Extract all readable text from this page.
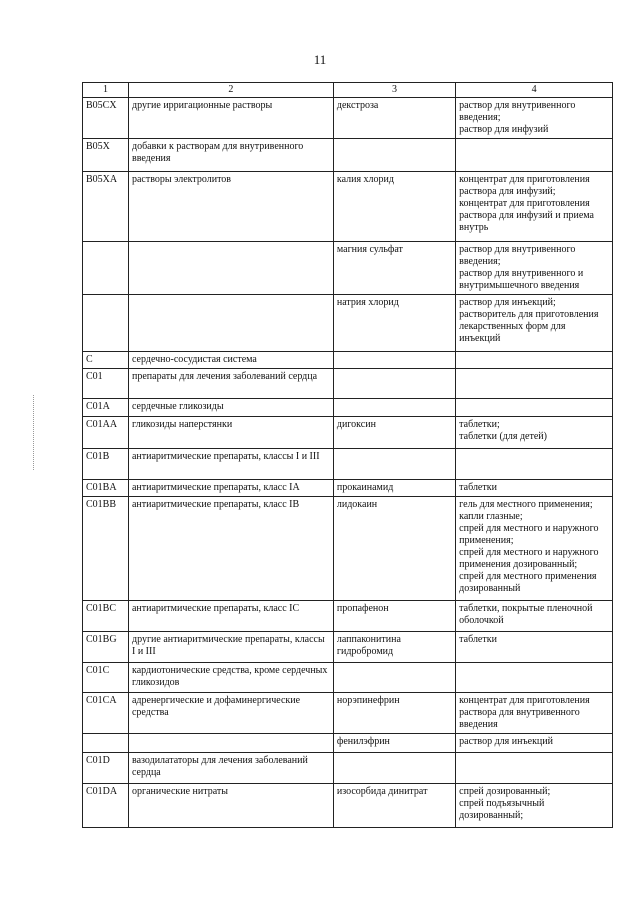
11
1	2	3	4
B05CX	другие ирригационные растворы	декстроза	раствор для внутривенного введения;
раствор для инфузий

B05X	добавки к растворам для внутривенного введения		
B05XA	растворы электролитов	калия хлорид	концентрат для приготовления раствора для инфузий;
концентрат для приготовления раствора для инфузий и приема внутрь

		магния сульфат	раствор для внутривенного введения;
раствор для внутривенного и внутримышечного введения

		натрия хлорид	раствор для инъекций;
растворитель для приготовления лекарственных форм для инъекций

C	сердечно-сосудистая система		
C01	препараты для лечения заболеваний сердца		
C01A	сердечные гликозиды		
C01AA	гликозиды наперстянки	дигоксин	таблетки;
таблетки (для детей)

C01B	антиаритмические препараты, классы I и III		
C01BA	антиаритмические препараты, класс IA	прокаинамид	таблетки

C01BB	антиаритмические препараты, класс IB	лидокаин	гель для местного применения;
капли глазные;
спрей для местного и наружного применения;
спрей для местного и наружного применения дозированный;
спрей для местного применения дозированный

C01BC	антиаритмические препараты, класс IC	пропафенон	таблетки, покрытые пленочной оболочкой

C01BG	другие антиаритмические препараты, классы I и III	лаппаконитина гидробромид	таблетки

C01C	кардиотонические средства, кроме сердечных гликозидов		
C01CA	адренергические и дофаминергические средства	норэпинефрин	концентрат для приготовления раствора для внутривенного введения

		фенилэфрин	раствор для инъекций

C01D	вазодилататоры для лечения заболеваний сердца		
C01DA	органические нитраты	изосорбида динитрат	спрей дозированный;
спрей подъязычный дозированный;
